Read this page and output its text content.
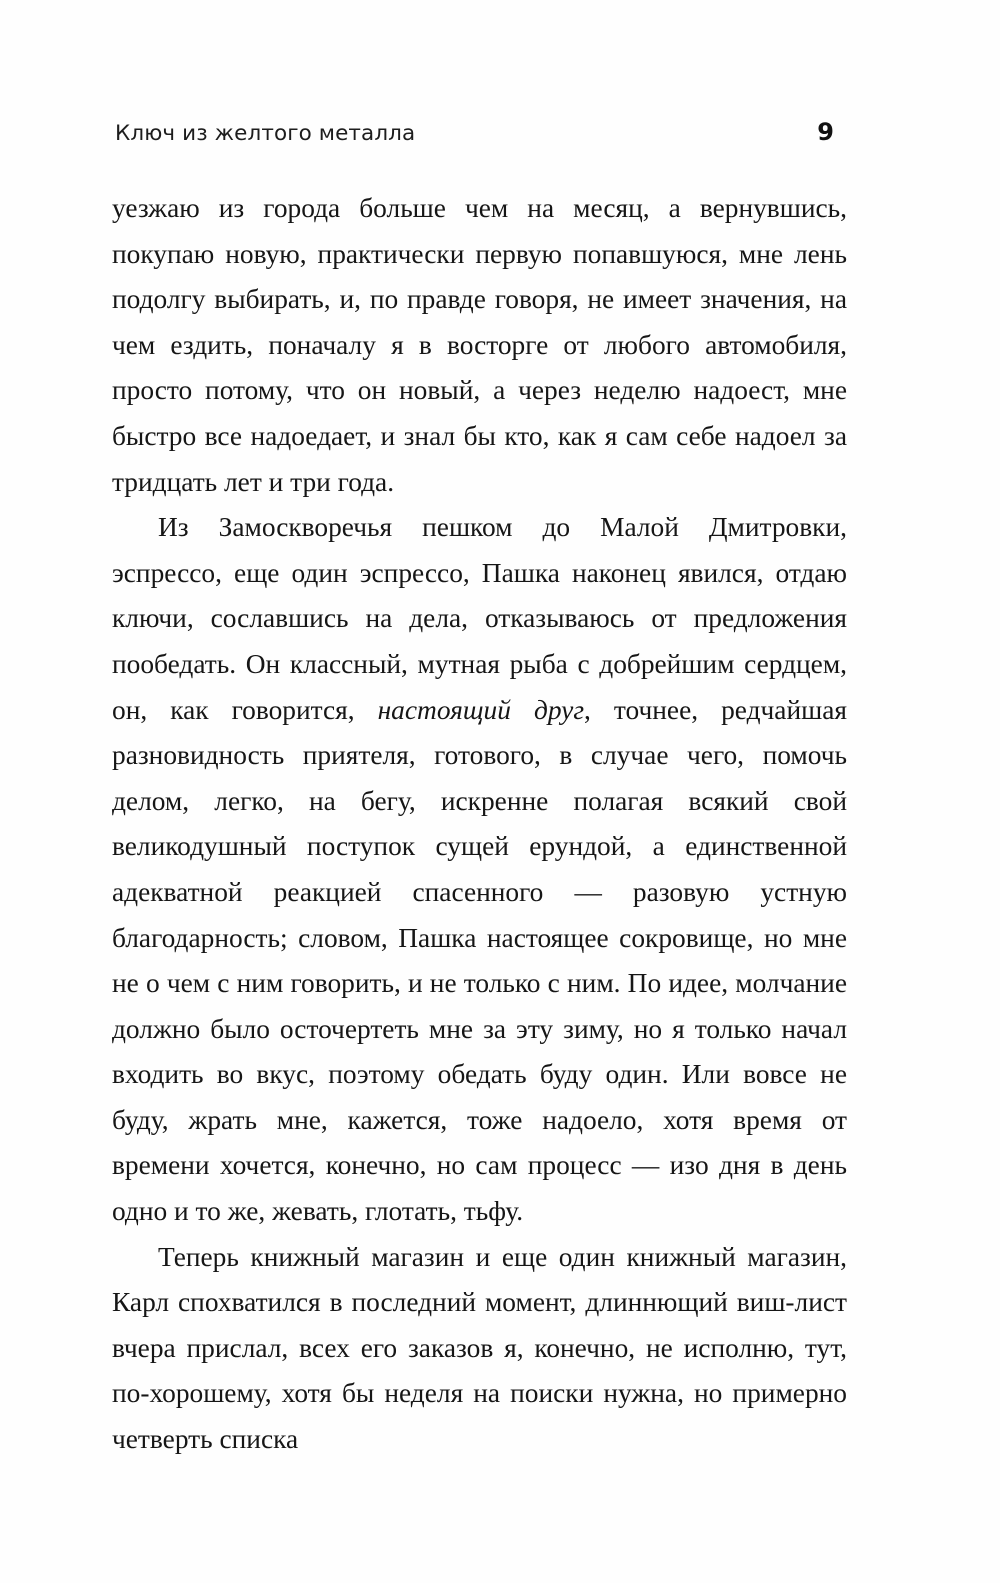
Ключ из желтого металла	9

уезжаю из города больше чем на месяц, а вернувшись, покупаю новую, практически первую попавшуюся, мне лень подолгу выбирать, и, по правде говоря, не имеет значения, на чем ездить, поначалу я в восторге от любого автомобиля, просто потому, что он новый, а через неделю надоест, мне быстро все надоедает, и знал бы кто, как я сам себе надоел за тридцать лет и три года.

Из Замоскворечья пешком до Малой Дмитровки, эспрессо, еще один эспрессо, Пашка наконец явился, отдаю ключи, сославшись на дела, отказываюсь от предложения пообедать. Он классный, мутная рыба с добрейшим сердцем, он, как говорится, настоящий друг, точнее, редчайшая разновидность приятеля, готового, в случае чего, помочь делом, легко, на бегу, искренне полагая всякий свой великодушный поступок сущей ерундой, а единственной адекватной реакцией спасенного — разовую устную благодарность; словом, Пашка настоящее сокровище, но мне не о чем с ним говорить, и не только с ним. По идее, молчание должно было осточертеть мне за эту зиму, но я только начал входить во вкус, поэтому обедать буду один. Или вовсе не буду, жрать мне, кажется, тоже надоело, хотя время от времени хочется, конечно, но сам процесс — изо дня в день одно и то же, жевать, глотать, тьфу.

Теперь книжный магазин и еще один книжный магазин, Карл спохватился в последний момент, длиннющий виш-лист вчера прислал, всех его заказов я, конечно, не исполню, тут, по-хорошему, хотя бы неделя на поиски нужна, но примерно четверть списка
